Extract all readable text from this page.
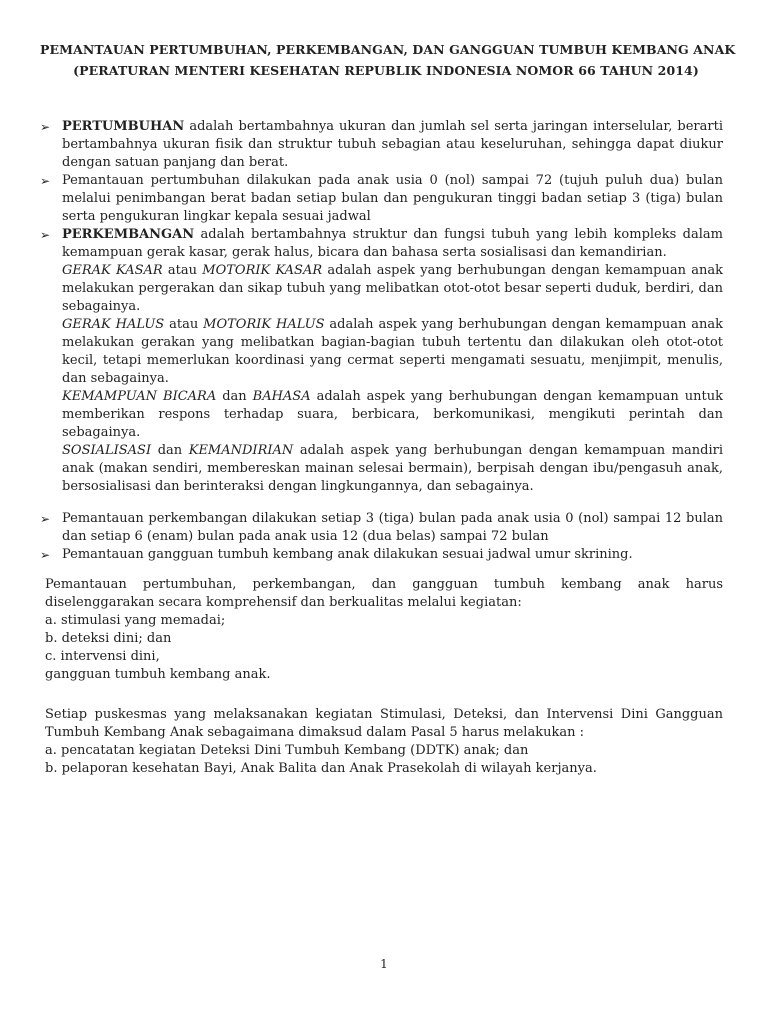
PEMANTAUAN PERTUMBUHAN, PERKEMBANGAN, DAN GANGGUAN TUMBUH KEMBANG ANAK
(PERATURAN MENTERI KESEHATAN REPUBLIK INDONESIA NOMOR 66 TAHUN 2014)
➢ PERTUMBUHAN adalah bertambahnya ukuran dan jumlah sel serta jaringan interselular, berarti bertambahnya ukuran fisik dan struktur tubuh sebagian atau keseluruhan, sehingga dapat diukur dengan satuan panjang dan berat.
➢ Pemantauan pertumbuhan dilakukan pada anak usia 0 (nol) sampai 72 (tujuh puluh dua) bulan melalui penimbangan berat badan setiap bulan dan pengukuran tinggi badan setiap 3 (tiga) bulan serta pengukuran lingkar kepala sesuai jadwal
➢ PERKEMBANGAN adalah bertambahnya struktur dan fungsi tubuh yang lebih kompleks dalam kemampuan gerak kasar, gerak halus, bicara dan bahasa serta sosialisasi dan kemandirian.
GERAK KASAR atau MOTORIK KASAR adalah aspek yang berhubungan dengan kemampuan anak melakukan pergerakan dan sikap tubuh yang melibatkan otot-otot besar seperti duduk, berdiri, dan sebagainya.
GERAK HALUS atau MOTORIK HALUS adalah aspek yang berhubungan dengan kemampuan anak melakukan gerakan yang melibatkan bagian-bagian tubuh tertentu dan dilakukan oleh otot-otot kecil, tetapi memerlukan koordinasi yang cermat seperti mengamati sesuatu, menjimpit, menulis, dan sebagainya.
KEMAMPUAN BICARA dan BAHASA adalah aspek yang berhubungan dengan kemampuan untuk memberikan respons terhadap suara, berbicara, berkomunikasi, mengikuti perintah dan sebagainya.
SOSIALISASI dan KEMANDIRIAN adalah aspek yang berhubungan dengan kemampuan mandiri anak (makan sendiri, membereskan mainan selesai bermain), berpisah dengan ibu/pengasuh anak, bersosialisasi dan berinteraksi dengan lingkungannya, dan sebagainya.
➢ Pemantauan perkembangan dilakukan setiap 3 (tiga) bulan pada anak usia 0 (nol) sampai 12 bulan dan setiap 6 (enam) bulan pada anak usia 12 (dua belas) sampai 72 bulan
➢ Pemantauan gangguan tumbuh kembang anak dilakukan sesuai jadwal umur skrining.
Pemantauan pertumbuhan, perkembangan, dan gangguan tumbuh kembang anak harus diselenggarakan secara komprehensif dan berkualitas melalui kegiatan:
a. stimulasi yang memadai;
b. deteksi dini; dan
c. intervensi dini,
gangguan tumbuh kembang anak.
Setiap puskesmas yang melaksanakan kegiatan Stimulasi, Deteksi, dan Intervensi Dini Gangguan Tumbuh Kembang Anak sebagaimana dimaksud dalam Pasal 5 harus melakukan :
a. pencatatan kegiatan Deteksi Dini Tumbuh Kembang (DDTK) anak; dan
b. pelaporan kesehatan Bayi, Anak Balita dan Anak Prasekolah di wilayah kerjanya.
1
